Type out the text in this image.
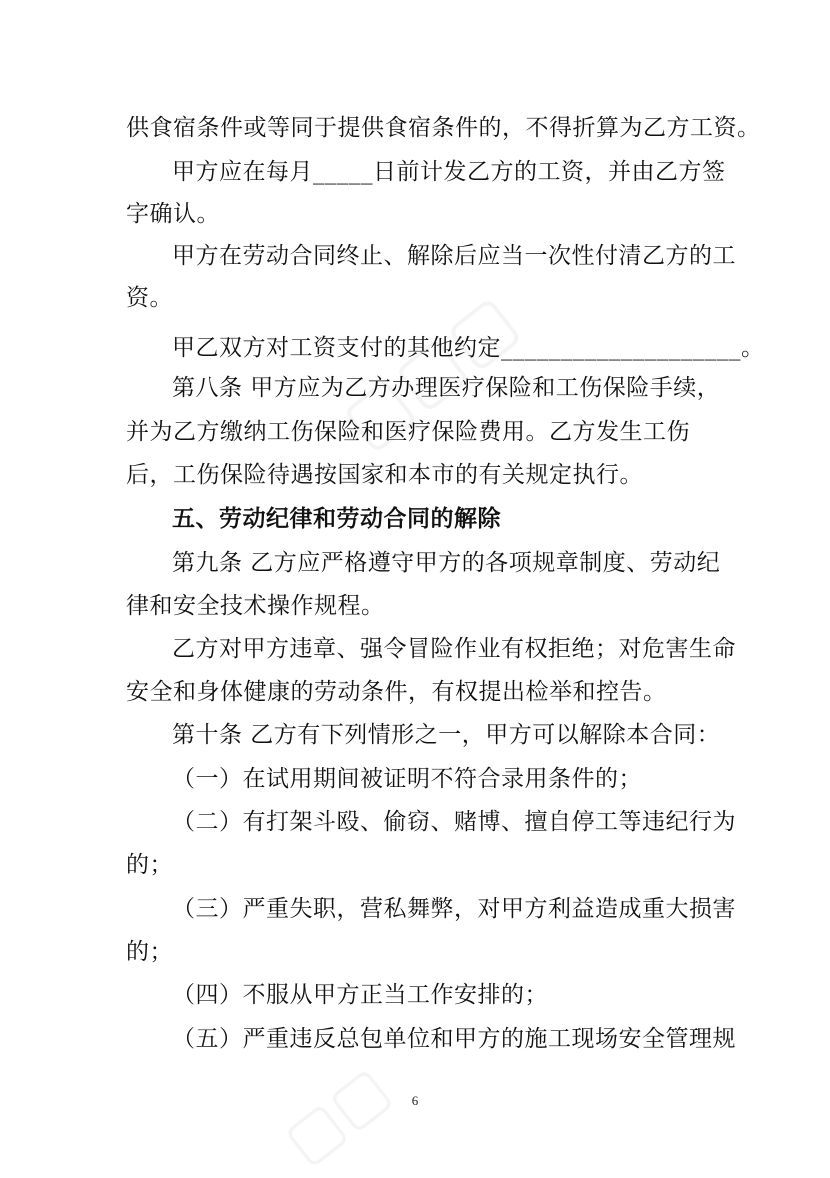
供食宿条件或等同于提供食宿条件的，不得折算为乙方工资。
甲方应在每月_____日前计发乙方的工资，并由乙方签
字确认。
甲方在劳动合同终止、解除后应当一次性付清乙方的工
资。
甲乙双方对工资支付的其他约定____________________。
第八条 甲方应为乙方办理医疗保险和工伤保险手续，
并为乙方缴纳工伤保险和医疗保险费用。乙方发生工伤
后，工伤保险待遇按国家和本市的有关规定执行。
五、劳动纪律和劳动合同的解除
第九条 乙方应严格遵守甲方的各项规章制度、劳动纪
律和安全技术操作规程。
乙方对甲方违章、强令冒险作业有权拒绝；对危害生命
安全和身体健康的劳动条件，有权提出检举和控告。
第十条 乙方有下列情形之一，甲方可以解除本合同：
（一）在试用期间被证明不符合录用条件的；
（二）有打架斗殴、偷窃、赌博、擅自停工等违纪行为
的；
（三）严重失职，营私舞弊，对甲方利益造成重大损害
的；
（四）不服从甲方正当工作安排的；
（五）严重违反总包单位和甲方的施工现场安全管理规
6
